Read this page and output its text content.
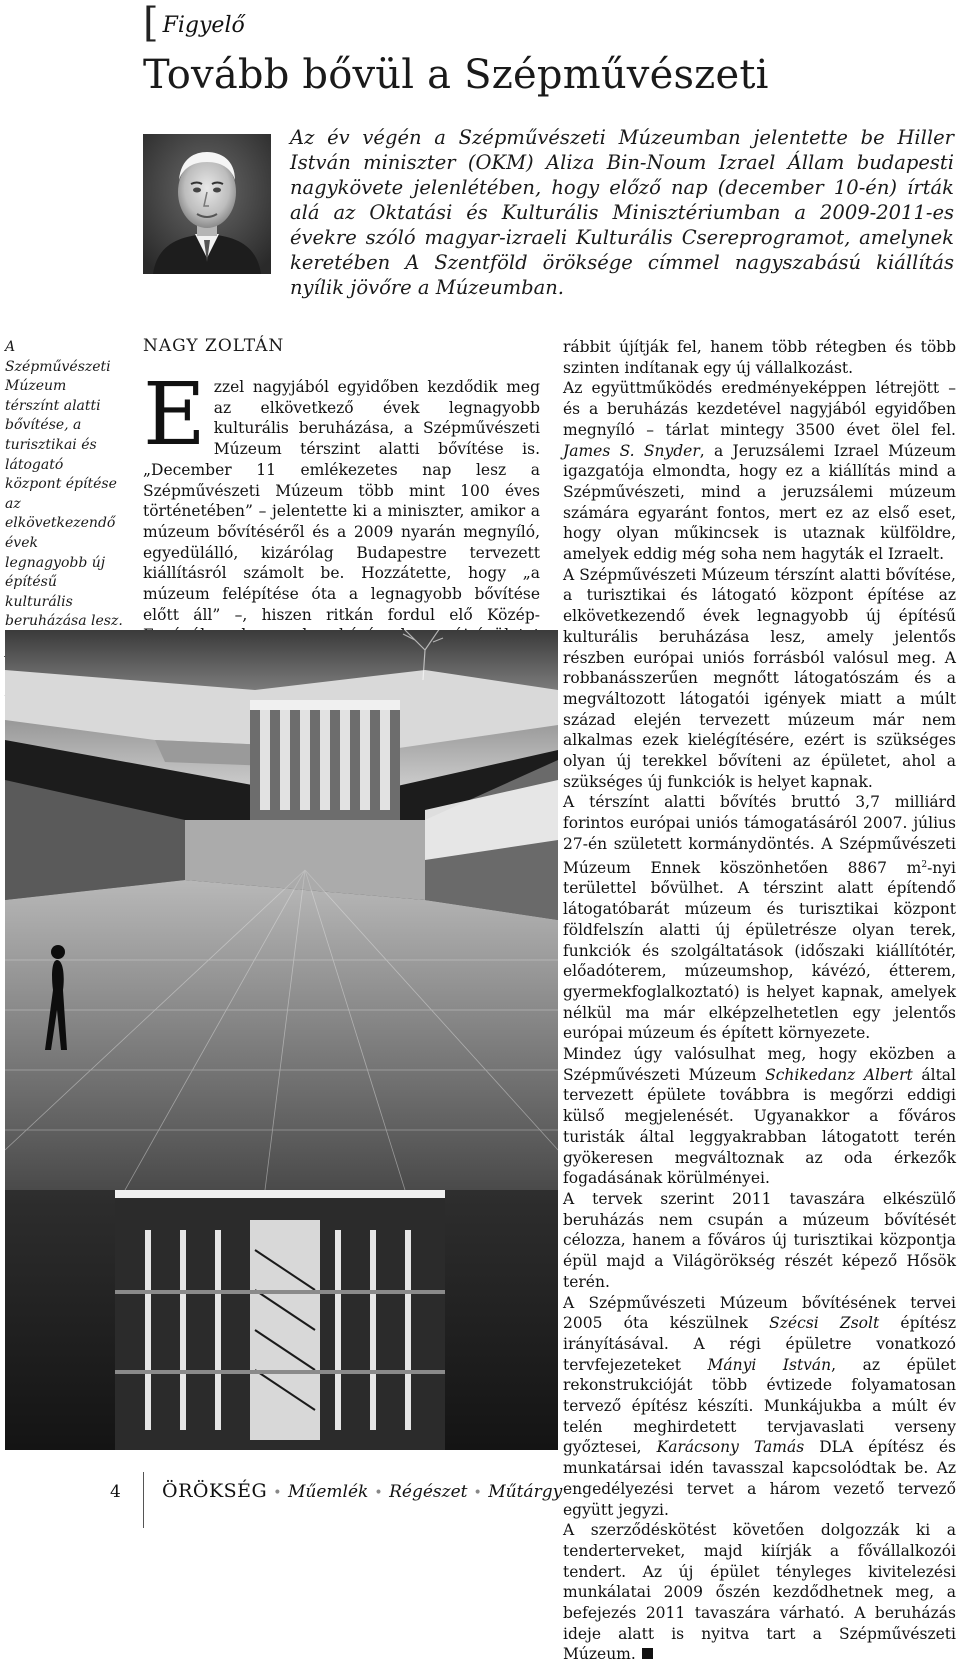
[ Figyelő
Tovább bővül a Szépművészeti

Az év végén a Szépművészeti Múzeumban jelentette be Hiller István miniszter (OKM) Aliza Bin-Noum Izrael Állam budapesti nagykövete jelenlétében, hogy előző nap (december 10-én) írták alá az Oktatási és Kulturális Minisztériumban a 2009-2011-es évekre szóló magyar-izraeli Kulturális Csereprogramot, amelynek keretében A Szentföld öröksége címmel nagyszabású kiállítás nyílik jövőre a Múzeumban.

A Szépművészeti Múzeum térszínt alatti bővítése, a turisztikai és látogató központ építése az elkövetkezendő évek legnagyobb új építésű kulturális beruházása lesz.

NAGY ZOLTÁN
E zzel nagyjából egyidőben kezdődik meg az elkövetkező évek legnagyobb kulturális beruházása, a Szépművészeti Múzeum térszint alatti bővítése is. „December 11 emlékezetes nap lesz a Szépművészeti Múzeum több mint 100 éves történetében” – jelentette ki a miniszter, amikor a múzeum bővítéséről és a 2009 nyarán megnyíló, egyedülálló, kizárólag Budapestre tervezett kiállításról számolt be. Hozzátette, hogy „a múzeum felépítése óta a legnagyobb bővítése előtt áll” –, hiszen ritkán fordul elő Közép-

rábbit újítják fel, hanem több rétegben és több szinten indítanak egy új vállalkozást.

Az együttműködés eredményeképpen létrejött – és a beruházás kezdetével nagyjából egyidőben megnyíló – tárlat mintegy 3500 évet ölel fel. James S. Snyder, a Jeruzsálemi Izrael Múzeum igazgatója elmondta, hogy ez a kiállítás mind a Szépművészeti, mind a jeruzsálemi múzeum számára egyaránt fontos, mert ez az első eset, hogy olyan műkincsek is utaznak külföldre, amelyek eddig még soha nem hagyták el Izraelt.

A Szépművészeti Múzeum térszínt alatti bővítése, a turisztikai és látogató központ építése az elkövetkezendő évek legnagyobb új építésű kulturális beruházása lesz, amely jelentős részben európai uniós forrásból valósul meg. A robbanásszerűen megnőtt látogatószám és a megváltozott látogatói igények miatt a múlt század elején tervezett múzeum már nem alkalmas ezek kielégítésére, ezért is szükséges olyan új terekkel bővíteni az épületet, ahol a szükséges új funkciók is helyet kapnak.

A térszínt alatti bővítés bruttó 3,7 milliárd forintos európai uniós támogatásáról 2007. július 27-én született kormánydöntés. A Szépművészeti Múzeum Ennek köszönhetően 8867 $m^2$-nyi területtel bővülhet. A térszint alatt építendő látogatóbarát múzeum és turisztikai központ földfelszín alatti új épületrésze olyan terek, funkciók és szolgáltatások (időszaki kiállítótér, előadóterem, múzeumshop, kávézó, étterem, gyermekfoglalkoztató) is helyet kapnak, amelyek nélkül ma már elképzelhetetlen egy jelentős európai múzeum és épített környezete.

Mindez úgy valósulhat meg, hogy eközben a Szépművészeti Múzeum Schikedanz Albert által tervezett épülete továbbra is megőrzi eddigi külső megjelenését. Ugyanakkor a főváros turisták által leggyakrabban látogatott terén gyökeresen megváltoznak az oda érkezők fogadásának körülményei.

A tervek szerint 2011 tavaszára elkészülő beruházás nem csupán a múzeum bővítését célozza, hanem a főváros új turisztikai központja épül majd a Világörökség részét képező Hősök terén.

A Szépművészeti Múzeum bővítésének tervei 2005 óta készülnek Szécsi Zsolt építész irányításával. A régi épületre vonatkozó tervfejezeteket Mányi István, az épület rekonstrukcióját több évtizede folyamatosan tervező építész készíti. Munkájukba a múlt év telén meghirdetett tervjavaslati verseny győztesei, Karácsony Tamás DLA építész és munkatársai idén tavasszal kapcsolódtak be. Az engedélyezési tervet a három vezető tervező együtt jegyzi.

A szerződéskötést követően dolgozzák ki a tenderterveket, majd kiírják a fővállalkozói tendert. Az új épület tényleges kivitelezési munkálatai 2009 őszén kezdődhetnek meg, a befejezés 2011 tavaszára várható. A beruházás ideje alatt is nyitva tart a Szépművészeti Múzeum.

4 ÖRÖKSÉG • Műemlék • Régészet • Műtárgy
